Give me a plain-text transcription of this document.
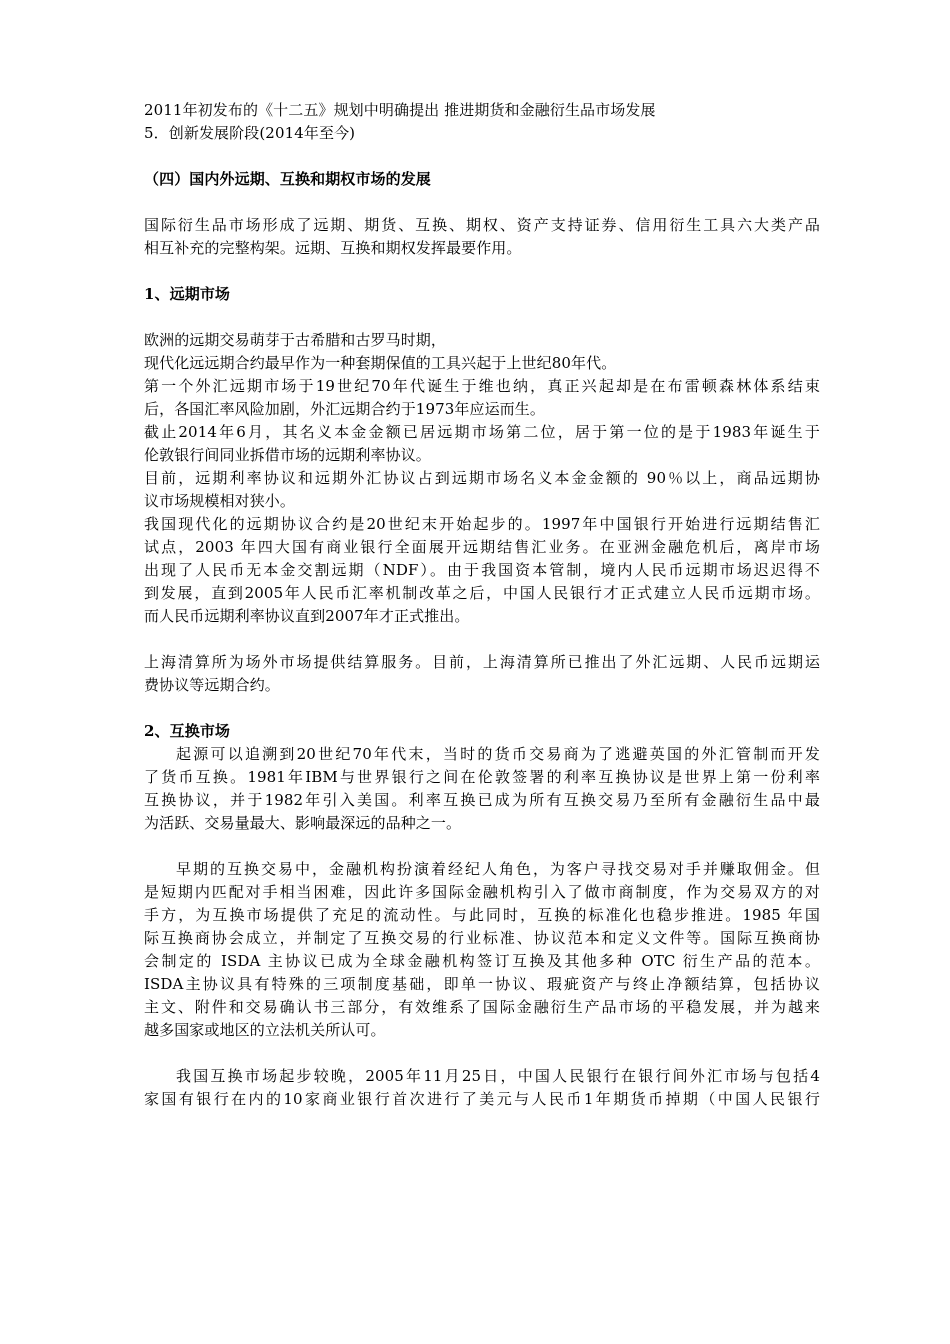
2011年初发布的《十二五》规划中明确提出 推进期货和金融衍生品市场发展
5．创新发展阶段(2014年至今)
（四）国内外远期、互换和期权市场的发展
国际衍生品市场形成了远期、期货、互换、期权、资产支持证券、信用衍生工具六大类产品
相互补充的完整构架。远期、互换和期权发挥最要作用。
1、远期市场
欧洲的远期交易萌芽于古希腊和古罗马时期，
现代化远远期合约最早作为一种套期保值的工具兴起于上世纪80年代。
第一个外汇远期市场于19世纪70年代诞生于维也纳，真正兴起却是在布雷顿森林体系结束
后，各国汇率风险加剧，外汇远期合约于1973年应运而生。
截止2014年6月，其名义本金金额已居远期市场第二位，居于第一位的是于1983年诞生于
伦敦银行间同业拆借市场的远期利率协议。
目前，远期利率协议和远期外汇协议占到远期市场名义本金金额的 90％以上，商品远期协
议市场规模相对狭小。
我国现代化的远期协议合约是20世纪末开始起步的。1997年中国银行开始进行远期结售汇
试点，2003 年四大国有商业银行全面展开远期结售汇业务。在亚洲金融危机后，离岸市场
出现了人民币无本金交割远期（NDF）。由于我国资本管制，境内人民币远期市场迟迟得不
到发展，直到2005年人民币汇率机制改革之后，中国人民银行才正式建立人民币远期市场。
而人民币远期利率协议直到2007年才正式推出。
上海清算所为场外市场提供结算服务。目前，上海清算所已推出了外汇远期、人民币远期运
费协议等远期合约。
2、互换市场
起源可以追溯到20世纪70年代末，当时的货币交易商为了逃避英国的外汇管制而开发
了货币互换。1981年IBM与世界银行之间在伦敦签署的利率互换协议是世界上第一份利率
互换协议，并于1982年引入美国。利率互换已成为所有互换交易乃至所有金融衍生品中最
为活跃、交易量最大、影响最深远的品种之一。
早期的互换交易中，金融机构扮演着经纪人角色，为客户寻找交易对手并赚取佣金。但
是短期内匹配对手相当困难，因此许多国际金融机构引入了做市商制度，作为交易双方的对
手方，为互换市场提供了充足的流动性。与此同时，互换的标准化也稳步推进。1985 年国
际互换商协会成立，并制定了互换交易的行业标准、协议范本和定义文件等。国际互换商协
会制定的 ISDA 主协议已成为全球金融机构签订互换及其他多种 OTC 衍生产品的范本。
ISDA主协议具有特殊的三项制度基础，即单一协议、瑕疵资产与终止净额结算，包括协议
主文、附件和交易确认书三部分，有效维系了国际金融衍生产品市场的平稳发展，并为越来
越多国家或地区的立法机关所认可。
我国互换市场起步较晚，2005年11月25日，中国人民银行在银行间外汇市场与包括4
家国有银行在内的10家商业银行首次进行了美元与人民币1年期货币掉期（中国人民银行
